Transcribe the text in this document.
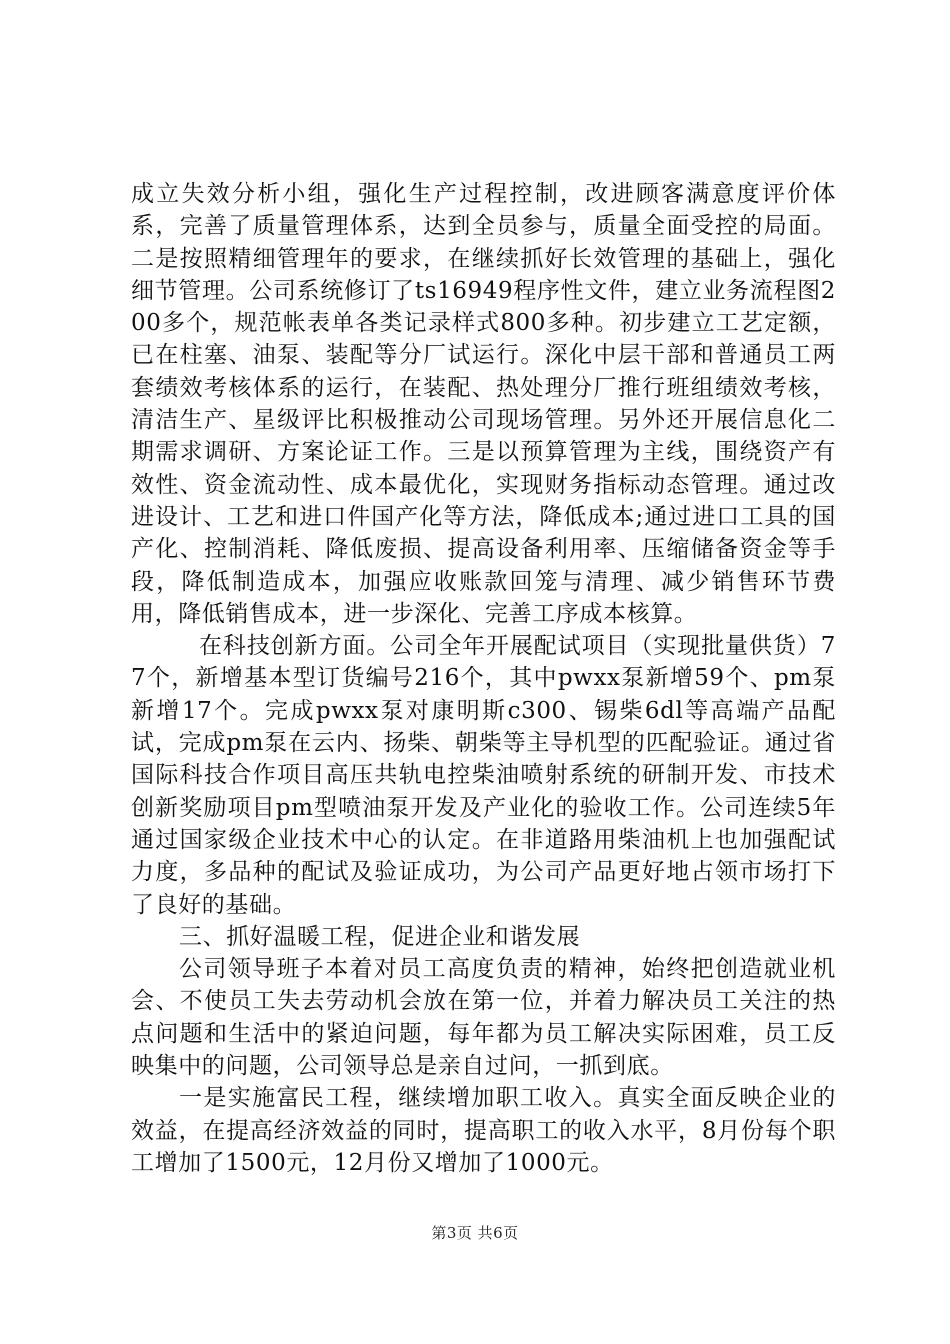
成立失效分析小组，强化生产过程控制，改进顾客满意度评价体系，完善了质量管理体系，达到全员参与，质量全面受控的局面。二是按照精细管理年的要求，在继续抓好长效管理的基础上，强化细节管理。公司系统修订了ts16949程序性文件，建立业务流程图200多个，规范帐表单各类记录样式800多种。初步建立工艺定额，已在柱塞、油泵、装配等分厂试运行。深化中层干部和普通员工两套绩效考核体系的运行，在装配、热处理分厂推行班组绩效考核，清洁生产、星级评比积极推动公司现场管理。另外还开展信息化二期需求调研、方案论证工作。三是以预算管理为主线，围绕资产有效性、资金流动性、成本最优化，实现财务指标动态管理。通过改进设计、工艺和进口件国产化等方法，降低成本;通过进口工具的国产化、控制消耗、降低废损、提高设备利用率、压缩储备资金等手段，降低制造成本，加强应收账款回笼与清理、减少销售环节费用，降低销售成本，进一步深化、完善工序成本核算。

在科技创新方面。公司全年开展配试项目（实现批量供货）77个，新增基本型订货编号216个，其中pwxx泵新增59个、pm泵新增17个。完成pwxx泵对康明斯c300、锡柴6dl等高端产品配试，完成pm泵在云内、扬柴、朝柴等主导机型的匹配验证。通过省国际科技合作项目高压共轨电控柴油喷射系统的研制开发、市技术创新奖励项目pm型喷油泵开发及产业化的验收工作。公司连续5年通过国家级企业技术中心的认定。在非道路用柴油机上也加强配试力度，多品种的配试及验证成功，为公司产品更好地占领市场打下了良好的基础。

三、抓好温暖工程，促进企业和谐发展

公司领导班子本着对员工高度负责的精神，始终把创造就业机会、不使员工失去劳动机会放在第一位，并着力解决员工关注的热点问题和生活中的紧迫问题，每年都为员工解决实际困难，员工反映集中的问题，公司领导总是亲自过问，一抓到底。

一是实施富民工程，继续增加职工收入。真实全面反映企业的效益，在提高经济效益的同时，提高职工的收入水平，8月份每个职工增加了1500元，12月份又增加了1000元。

第3页 共6页
